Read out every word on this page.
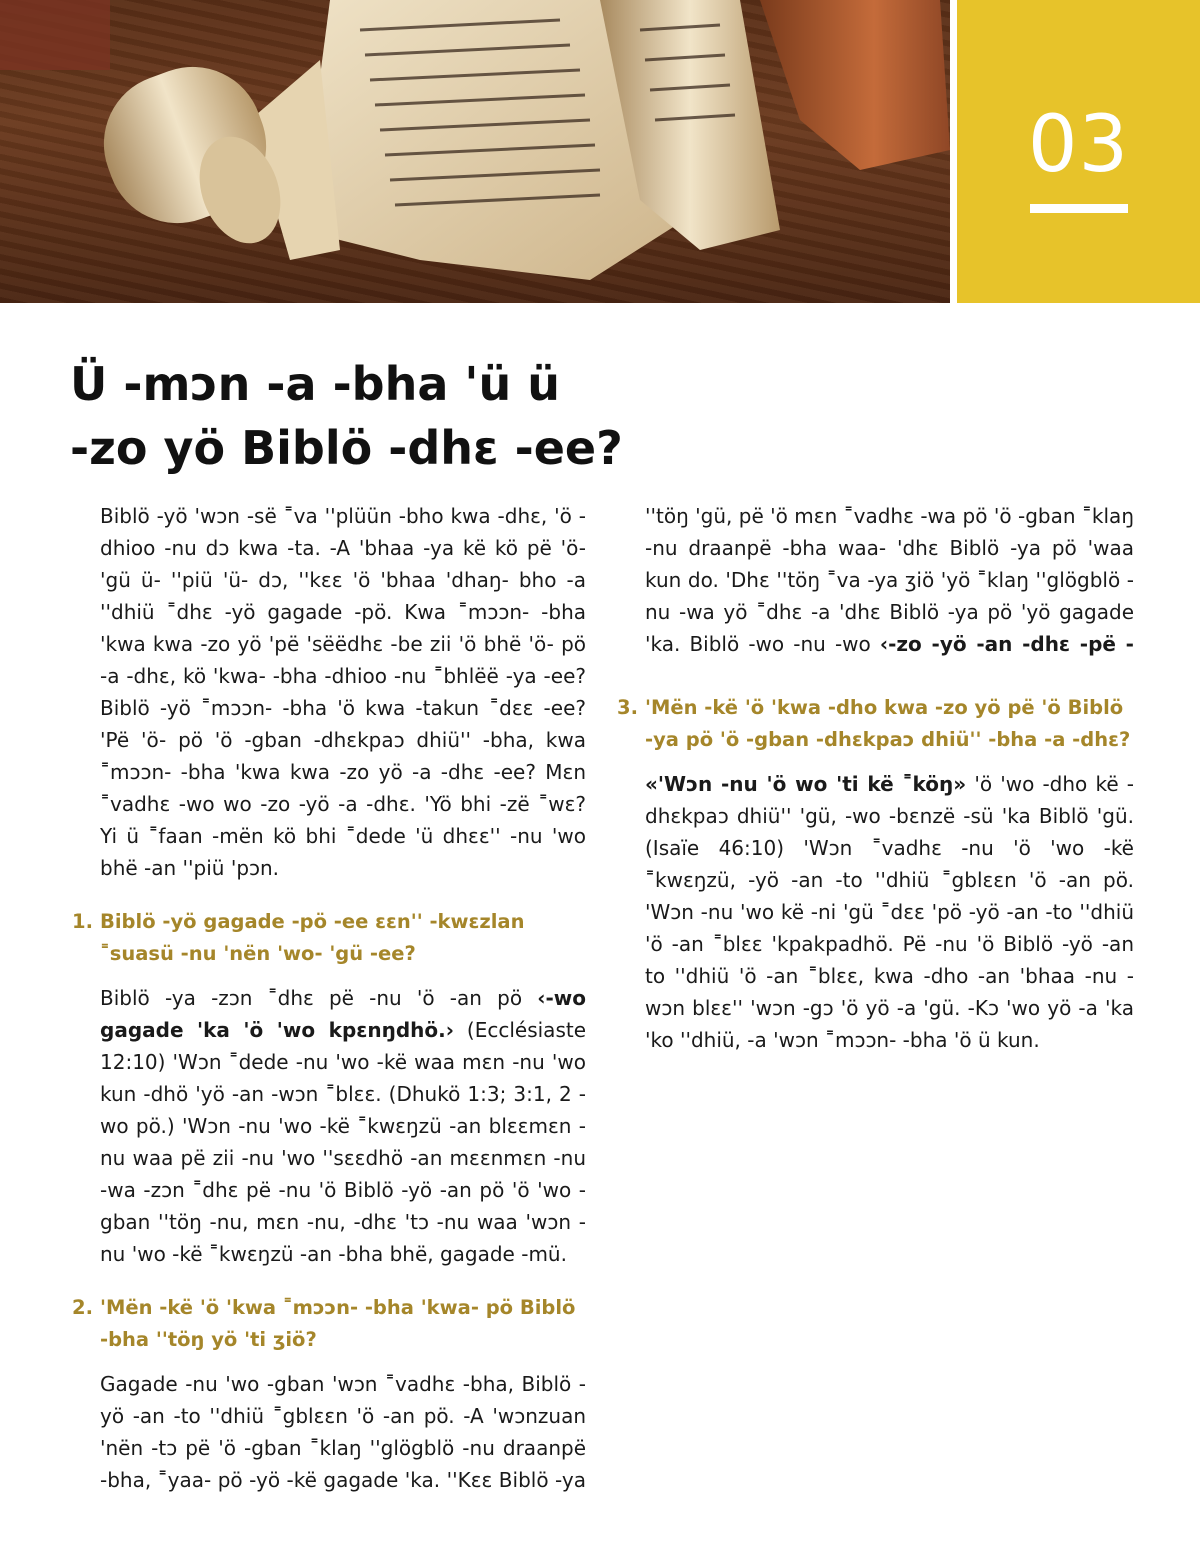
03
Ü -mɔn -a -bha 'ü ü
-zo yö Biblö -dhɛ -ee?

Biblö -yö 'wɔn -së ˭va ''plüün -bho kwa -dhɛ, 'ö -dhioo -nu dɔ kwa -ta. -A 'bhaa -ya kë kö pë 'ö-'gü ü- ''piü 'ü- dɔ, ''kɛɛ 'ö 'bhaa 'dhaŋ- bho -a ''dhiü ˭dhɛ -yö gagade -pö. Kwa ˭mɔɔn- -bha 'kwa kwa -zo yö 'pë 'sëëdhɛ -be zii 'ö bhë 'ö- pö -a -dhɛ, kö 'kwa- -bha -dhioo -nu ˭bhlëë -ya -ee? Biblö -yö ˭mɔɔn- -bha 'ö kwa -takun ˭dɛɛ -ee? 'Pë 'ö- pö 'ö -gban -dhɛkpaɔ dhiü'' -bha, kwa ˭mɔɔn- -bha 'kwa kwa -zo yö -a -dhɛ -ee? Mɛn ˭vadhɛ -wo wo -zo -yö -a -dhɛ. 'Yö bhi -zë ˭wɛ? Yi ü ˭faan -mën kö bhi ˭dede 'ü dhɛɛ'' -nu 'wo bhë -an ''piü 'pɔn.

1. Biblö -yö gagade -pö -ee ɛɛn'' -kwɛzlan ˭suasü -nu 'nën 'wo- 'gü -ee?

Biblö -ya -zɔn ˭dhɛ pë -nu 'ö -an pö ‹-wo gagade 'ka 'ö 'wo kpɛnŋdhö.› (Ecclésiaste 12:10) 'Wɔn ˭dede -nu 'wo -kë waa mɛn -nu 'wo kun -dhö 'yö -an -wɔn ˭blɛɛ. (Dhukö 1:3; 3:1, 2 -wo pö.) 'Wɔn -nu 'wo -kë ˭kwɛŋzü -an blɛɛmɛn -nu waa pë zii -nu 'wo ''sɛɛdhö -an mɛɛnmɛn -nu -wa -zɔn ˭dhɛ pë -nu 'ö Biblö -yö -an pö 'ö 'wo -gban ''töŋ -nu, mɛn -nu, -dhɛ 'tɔ -nu waa 'wɔn -nu 'wo -kë ˭kwɛŋzü -an -bha bhë, gagade -mü.

2. 'Mën -kë 'ö 'kwa ˭mɔɔn- -bha 'kwa- pö Biblö -bha ''töŋ yö 'ti ʒiö?

Gagade -nu 'wo -gban 'wɔn ˭vadhɛ -bha, Biblö -yö -an -to ''dhiü ˭gblɛɛn 'ö -an pö. -A 'wɔnzuan 'nën -tɔ pë 'ö -gban ˭klaŋ ''glögblö -nu draanpë -bha, ˭yaa- pö -yö -kë gagade 'ka. ''Kɛɛ Biblö -ya

''töŋ 'gü, pë 'ö mɛn ˭vadhɛ -wa pö 'ö -gban ˭klaŋ -nu draanpë -bha waa- 'dhɛ Biblö -ya pö 'waa kun do. 'Dhɛ ''töŋ ˭va -ya ʒiö 'yö ˭klaŋ ''glögblö -nu -wa yö ˭dhɛ -a 'dhɛ Biblö -ya pö 'yö gagade 'ka. Biblö -wo -nu -wo ‹-zo -yö -an -dhɛ -pë -

3. 'Mën -kë 'ö 'kwa -dho kwa -zo yö pë 'ö Biblö -ya pö 'ö -gban -dhɛkpaɔ dhiü'' -bha -a -dhɛ?

«'Wɔn -nu 'ö wo 'ti kë ˭köŋ» 'ö 'wo -dho kë -dhɛkpaɔ dhiü'' 'gü, -wo -bɛnzë -sü 'ka Biblö 'gü. (Isaïe 46:10) 'Wɔn ˭vadhɛ -nu 'ö 'wo -kë ˭kwɛŋzü, -yö -an -to ''dhiü ˭gblɛɛn 'ö -an pö. 'Wɔn -nu 'wo kë -ni 'gü ˭dɛɛ 'pö -yö -an -to ''dhiü 'ö -an ˭blɛɛ 'kpakpadhö. Pë -nu 'ö Biblö -yö -an to ''dhiü 'ö -an ˭blɛɛ, kwa -dho -an 'bhaa -nu -wɔn blɛɛ'' 'wɔn -gɔ 'ö yö -a 'gü. -Kɔ 'wo yö -a 'ka 'ko ''dhiü, -a 'wɔn ˭mɔɔn- -bha 'ö ü kun.
